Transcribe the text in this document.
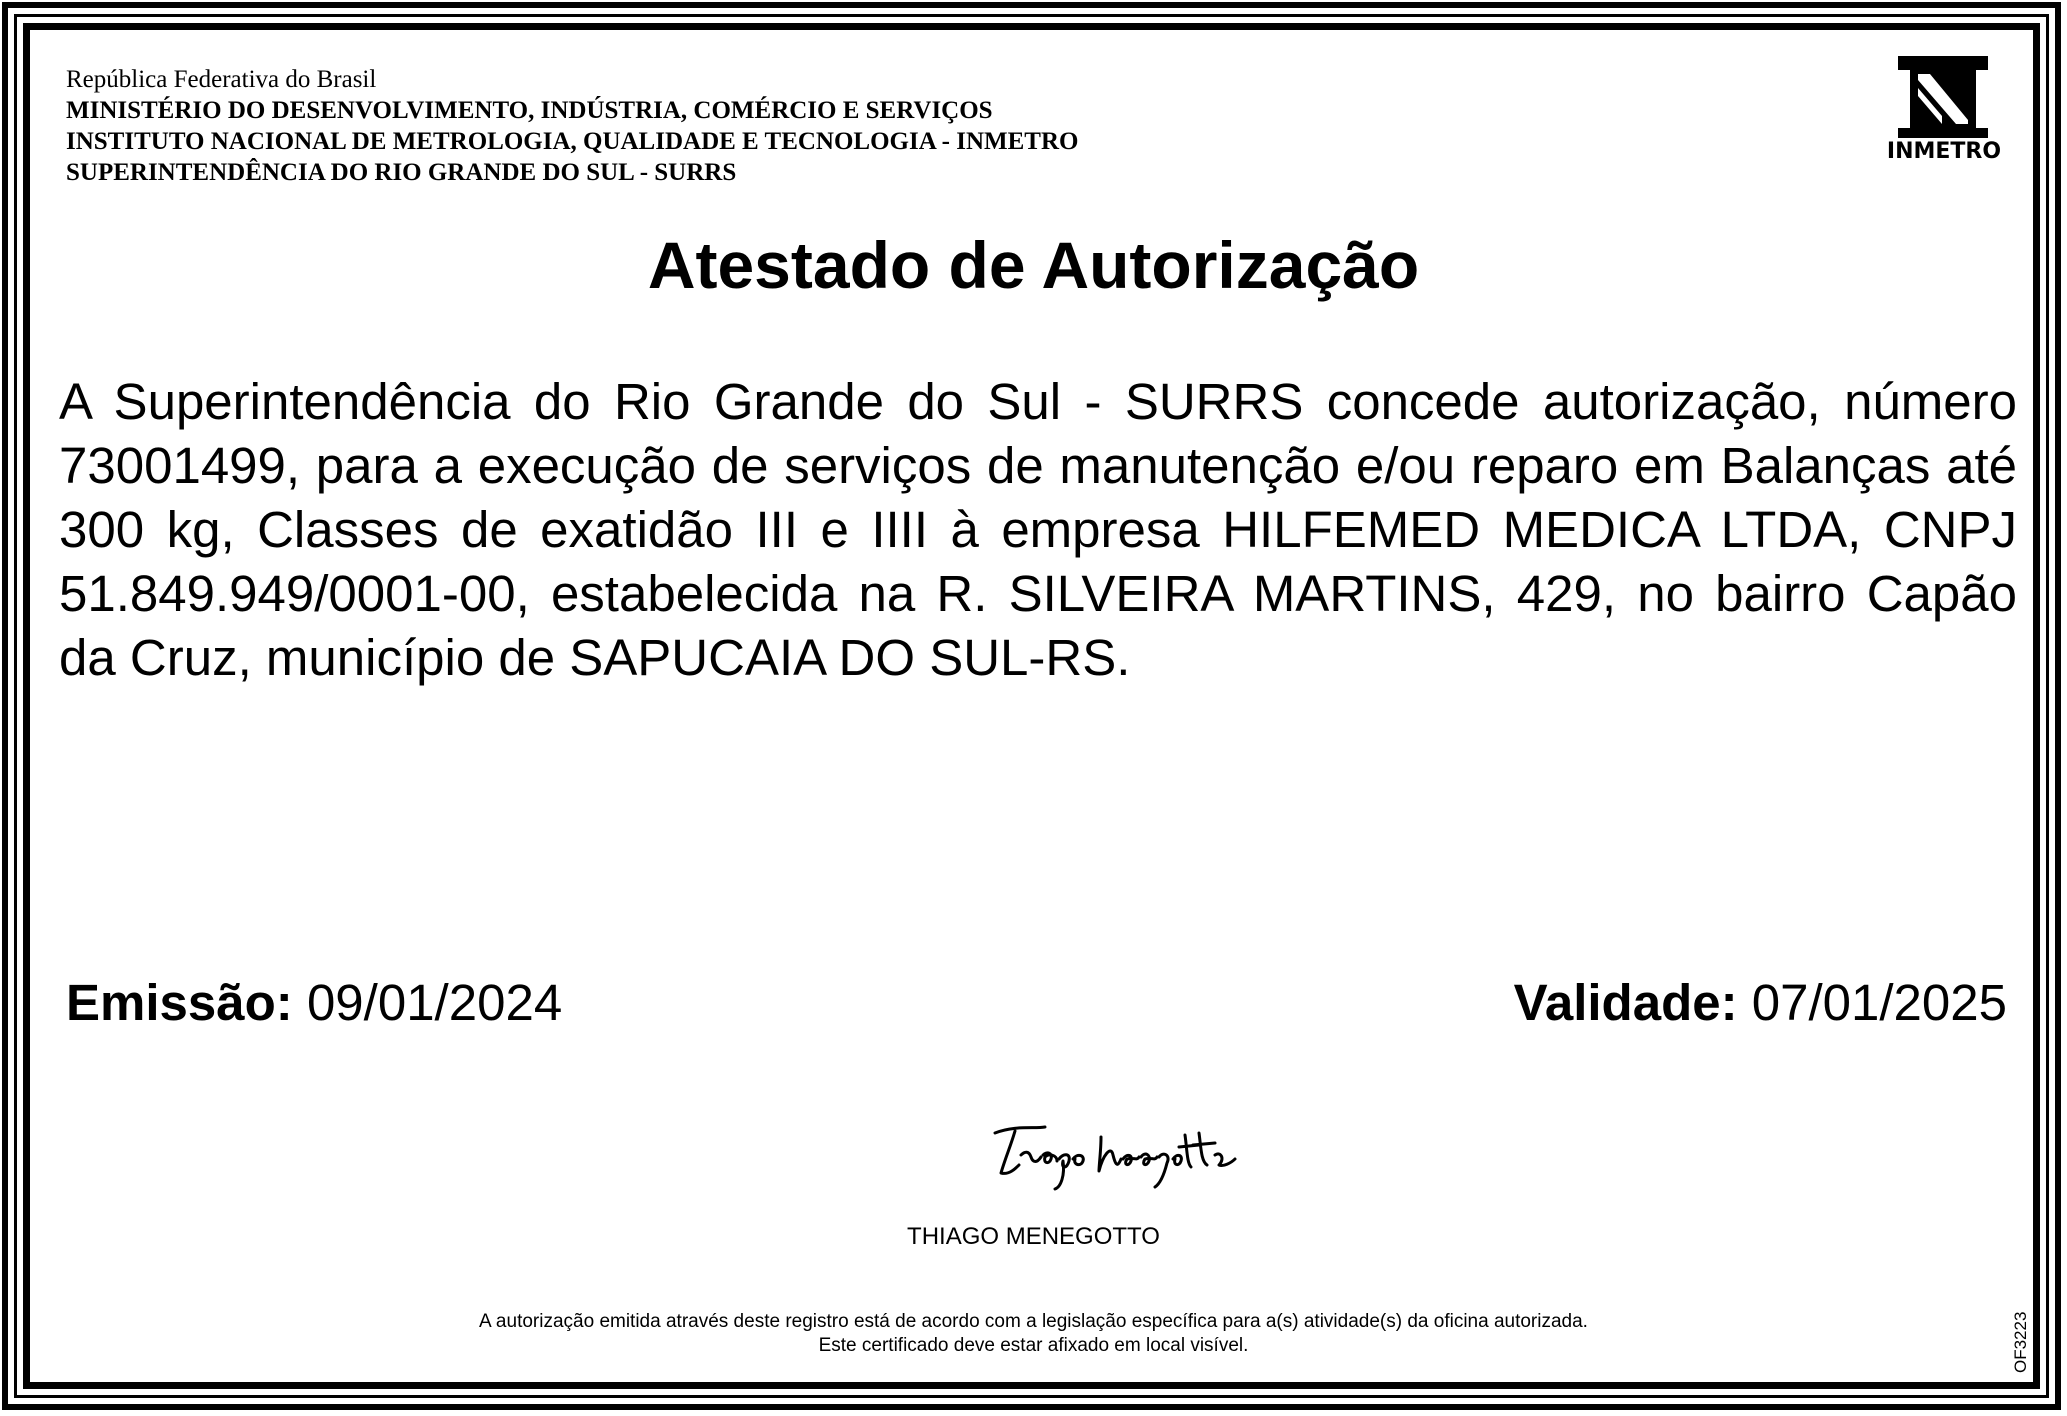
República Federativa do Brasil
MINISTÉRIO DO DESENVOLVIMENTO, INDÚSTRIA, COMÉRCIO E SERVIÇOS
INSTITUTO NACIONAL DE METROLOGIA, QUALIDADE E TECNOLOGIA - INMETRO
SUPERINTENDÊNCIA DO RIO GRANDE DO SUL - SURRS
INMETRO
Atestado de Autorização
A Superintendência do Rio Grande do Sul - SURRS concede autorização, número 73001499, para a execução de serviços de manutenção e/ou reparo em Balanças até 300 kg, Classes de exatidão III e IIII à empresa HILFEMED MEDICA LTDA, CNPJ 51.849.949/0001-00, estabelecida na R. SILVEIRA MARTINS, 429, no bairro Capão da Cruz, município de SAPUCAIA DO SUL-RS.
Emissão: 09/01/2024	Validade: 07/01/2025
THIAGO MENEGOTTO
A autorização emitida através deste registro está de acordo com a legislação específica para a(s) atividade(s) da oficina autorizada.
Este certificado deve estar afixado em local visível.	OF3223
